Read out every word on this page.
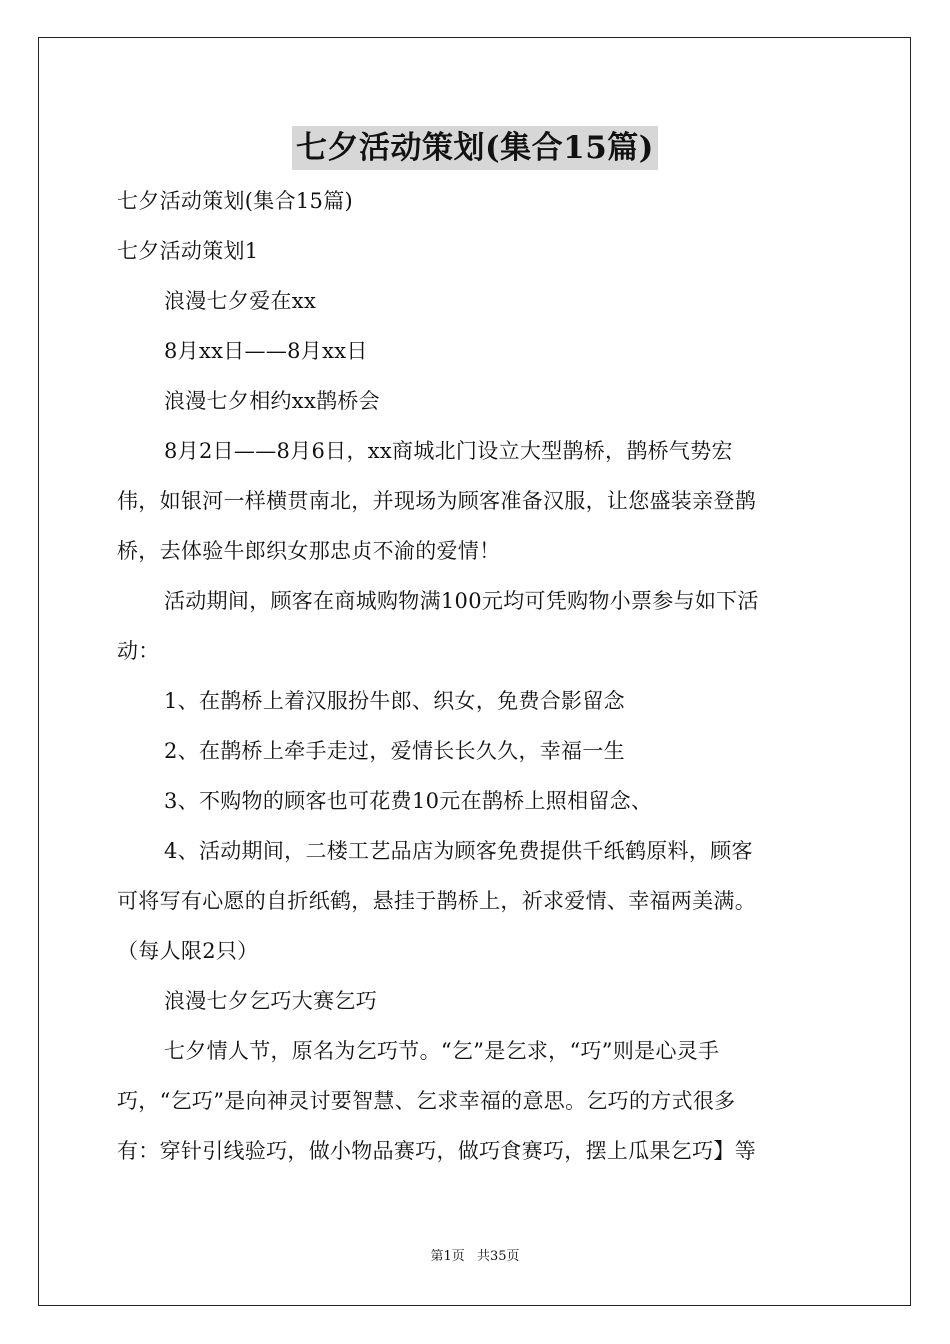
七夕活动策划(集合15篇)
七夕活动策划(集合15篇)
七夕活动策划1
浪漫七夕爱在xx
8月xx日——8月xx日
浪漫七夕相约xx鹊桥会
8月2日——8月6日，xx商城北门设立大型鹊桥，鹊桥气势宏
伟，如银河一样横贯南北，并现场为顾客准备汉服，让您盛装亲登鹊
桥，去体验牛郎织女那忠贞不渝的爱情！
活动期间，顾客在商城购物满100元均可凭购物小票参与如下活
动：
1、在鹊桥上着汉服扮牛郎、织女，免费合影留念
2、在鹊桥上牵手走过，爱情长长久久，幸福一生
3、不购物的顾客也可花费10元在鹊桥上照相留念、
4、活动期间，二楼工艺品店为顾客免费提供千纸鹤原料，顾客
可将写有心愿的自折纸鹤，悬挂于鹊桥上，祈求爱情、幸福两美满。
（每人限2只）
浪漫七夕乞巧大赛乞巧
七夕情人节，原名为乞巧节。“乞”是乞求，“巧”则是心灵手
巧，“乞巧”是向神灵讨要智慧、乞求幸福的意思。乞巧的方式很多
有：穿针引线验巧，做小物品赛巧，做巧食赛巧，摆上瓜果乞巧】等
第1页 共35页
